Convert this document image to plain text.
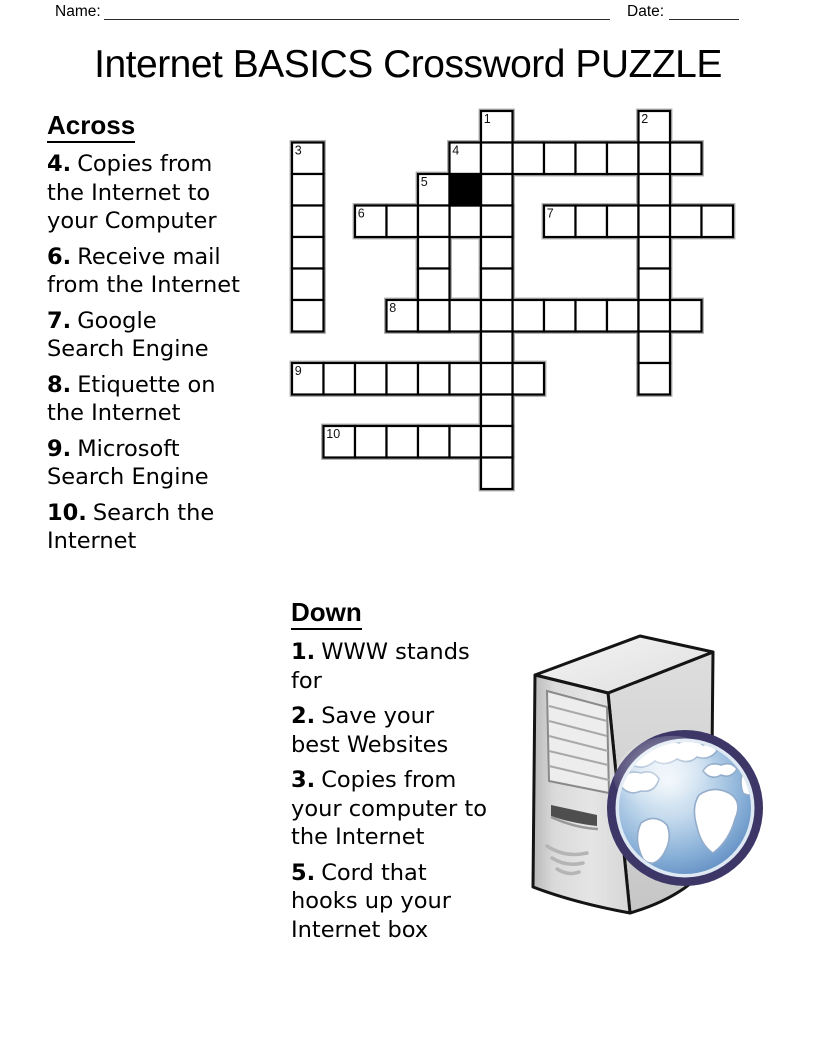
Name:	Date:
Internet BASICS Crossword PUZZLE
Across
4. Copies from
the Internet to
your Computer
6. Receive mail
from the Internet
7. Google
Search Engine
8. Etiquette on
the Internet
9. Microsoft
Search Engine
10. Search the
Internet
4
6	7
8
9
10
1	2
3
5
Down
1. WWW stands
for
2. Save your
best Websites
3. Copies from
your computer to
the Internet
5. Cord that
hooks up your
Internet box
